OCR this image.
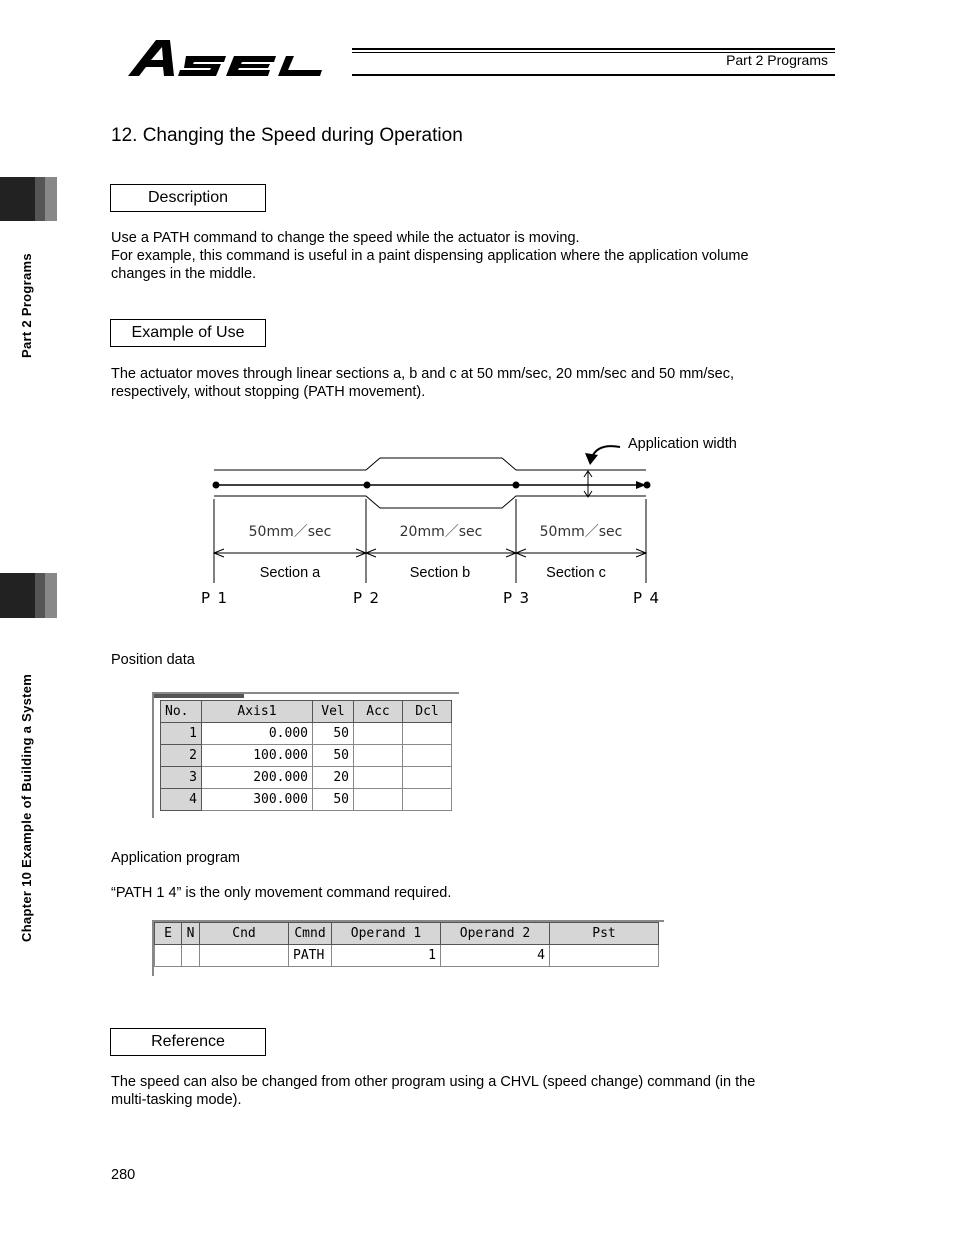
Part 2 Programs
Part 2 Programs
Chapter 10 Example of Building a System
12. Changing the Speed during Operation
Description
Use a PATH command to change the speed while the actuator is moving.
For example, this command is useful in a paint dispensing application where the application volume
changes in the middle.
Example of Use
The actuator moves through linear sections a, b and c at 50 mm/sec, 20 mm/sec and 50 mm/sec,
respectively, without stopping (PATH movement).
Application width
50mm／sec	20mm／sec	50mm／sec
Section a	Section b	Section c
P 1	P 2	P 3	P 4
Position data
No.	Axis1	Vel	Acc	Dcl
1	0.000	50		
2	100.000	50		
3	200.000	20		
4	300.000	50		
Application program
“PATH 1 4” is the only movement command required.
E	N	Cnd	Cmnd	Operand 1	Operand 2	Pst
			PATH	1	4	
Reference
The speed can also be changed from other program using a CHVL (speed change) command (in the
multi-tasking mode).
280
